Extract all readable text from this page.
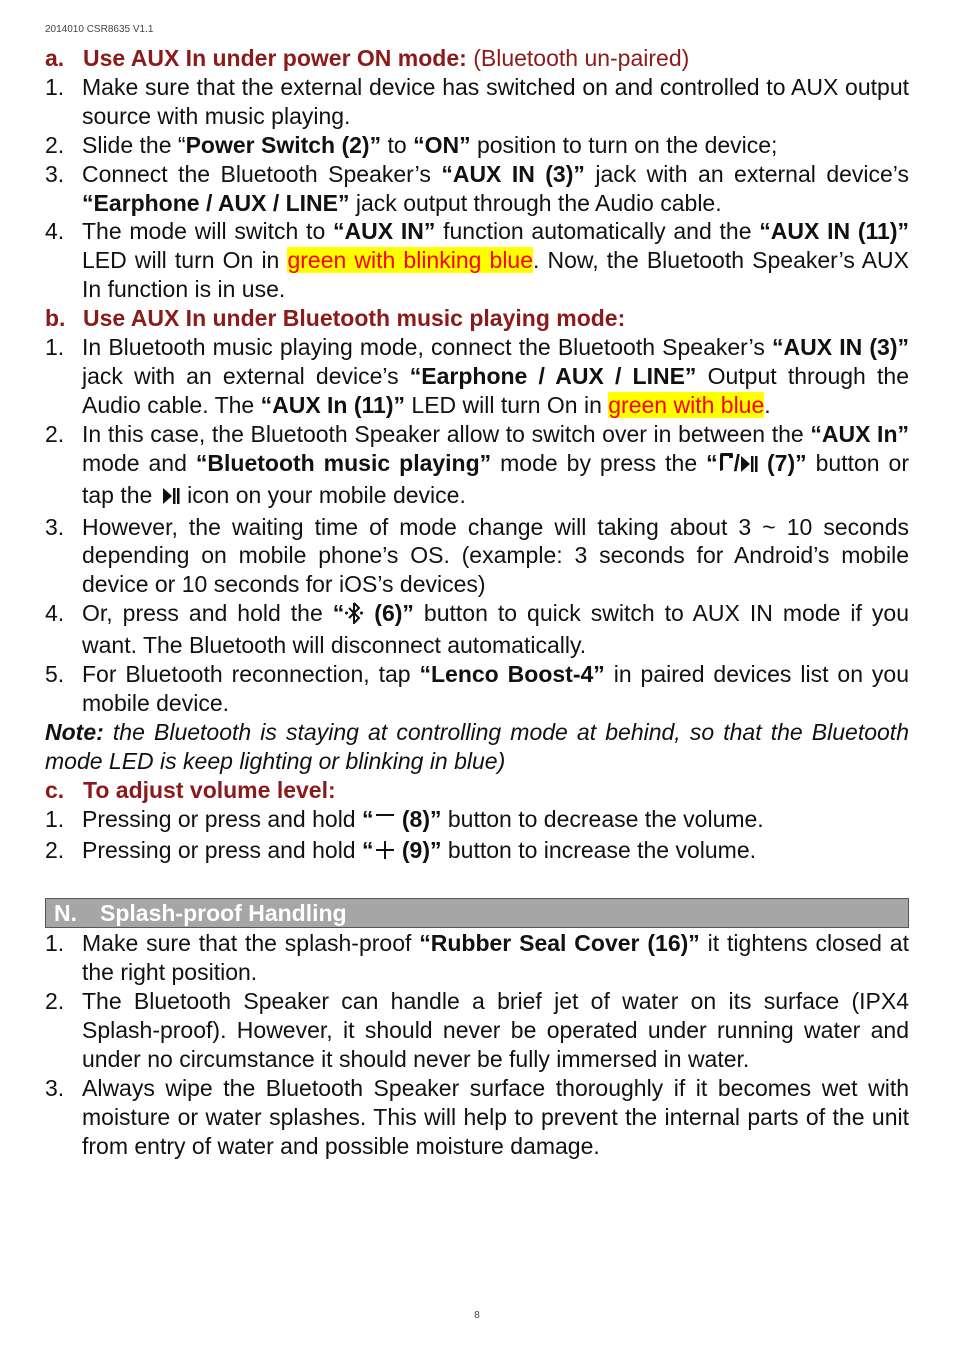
2014010 CSR8635 V1.1

a. Use AUX In under power ON mode: (Bluetooth un-paired)

1. Make sure that the external device has switched on and controlled to AUX output source with music playing.
2. Slide the “Power Switch (2)” to “ON” position to turn on the device;
3. Connect the Bluetooth Speaker’s “AUX IN (3)” jack with an external device’s “Earphone / AUX / LINE” jack output through the Audio cable.
4. The mode will switch to “AUX IN” function automatically and the “AUX IN (11)” LED will turn On in green with blinking blue. Now, the Bluetooth Speaker’s AUX In function is in use.

b. Use AUX In under Bluetooth music playing mode:

1. In Bluetooth music playing mode, connect the Bluetooth Speaker’s “AUX IN (3)” jack with an external device’s “Earphone / AUX / LINE” Output through the Audio cable. The “AUX In (11)” LED will turn On in green with blue.
2. In this case, the Bluetooth Speaker allow to switch over in between the “AUX In” mode and “Bluetooth music playing” mode by press the “ / (7)” button or tap the  icon on your mobile device.
3. However, the waiting time of mode change will taking about 3 ~ 10 seconds depending on mobile phone’s OS. (example: 3 seconds for Android’s mobile device or 10 seconds for iOS’s devices)
4. Or, press and hold the “ (6)” button to quick switch to AUX IN mode if you want. The Bluetooth will disconnect automatically.
5. For Bluetooth reconnection, tap “Lenco Boost-4” in paired devices list on you mobile device.

Note: the Bluetooth is staying at controlling mode at behind, so that the Bluetooth mode LED is keep lighting or blinking in blue)

c. To adjust volume level:

1. Pressing or press and hold “ (8)” button to decrease the volume.
2. Pressing or press and hold “ (9)” button to increase the volume.
N. Splash-proof Handling
1. Make sure that the splash-proof “Rubber Seal Cover (16)” it tightens closed at the right position.
2. The Bluetooth Speaker can handle a brief jet of water on its surface (IPX4 Splash-proof). However, it should never be operated under running water and under no circumstance it should never be fully immersed in water.
3. Always wipe the Bluetooth Speaker surface thoroughly if it becomes wet with moisture or water splashes. This will help to prevent the internal parts of the unit from entry of water and possible moisture damage.
8
